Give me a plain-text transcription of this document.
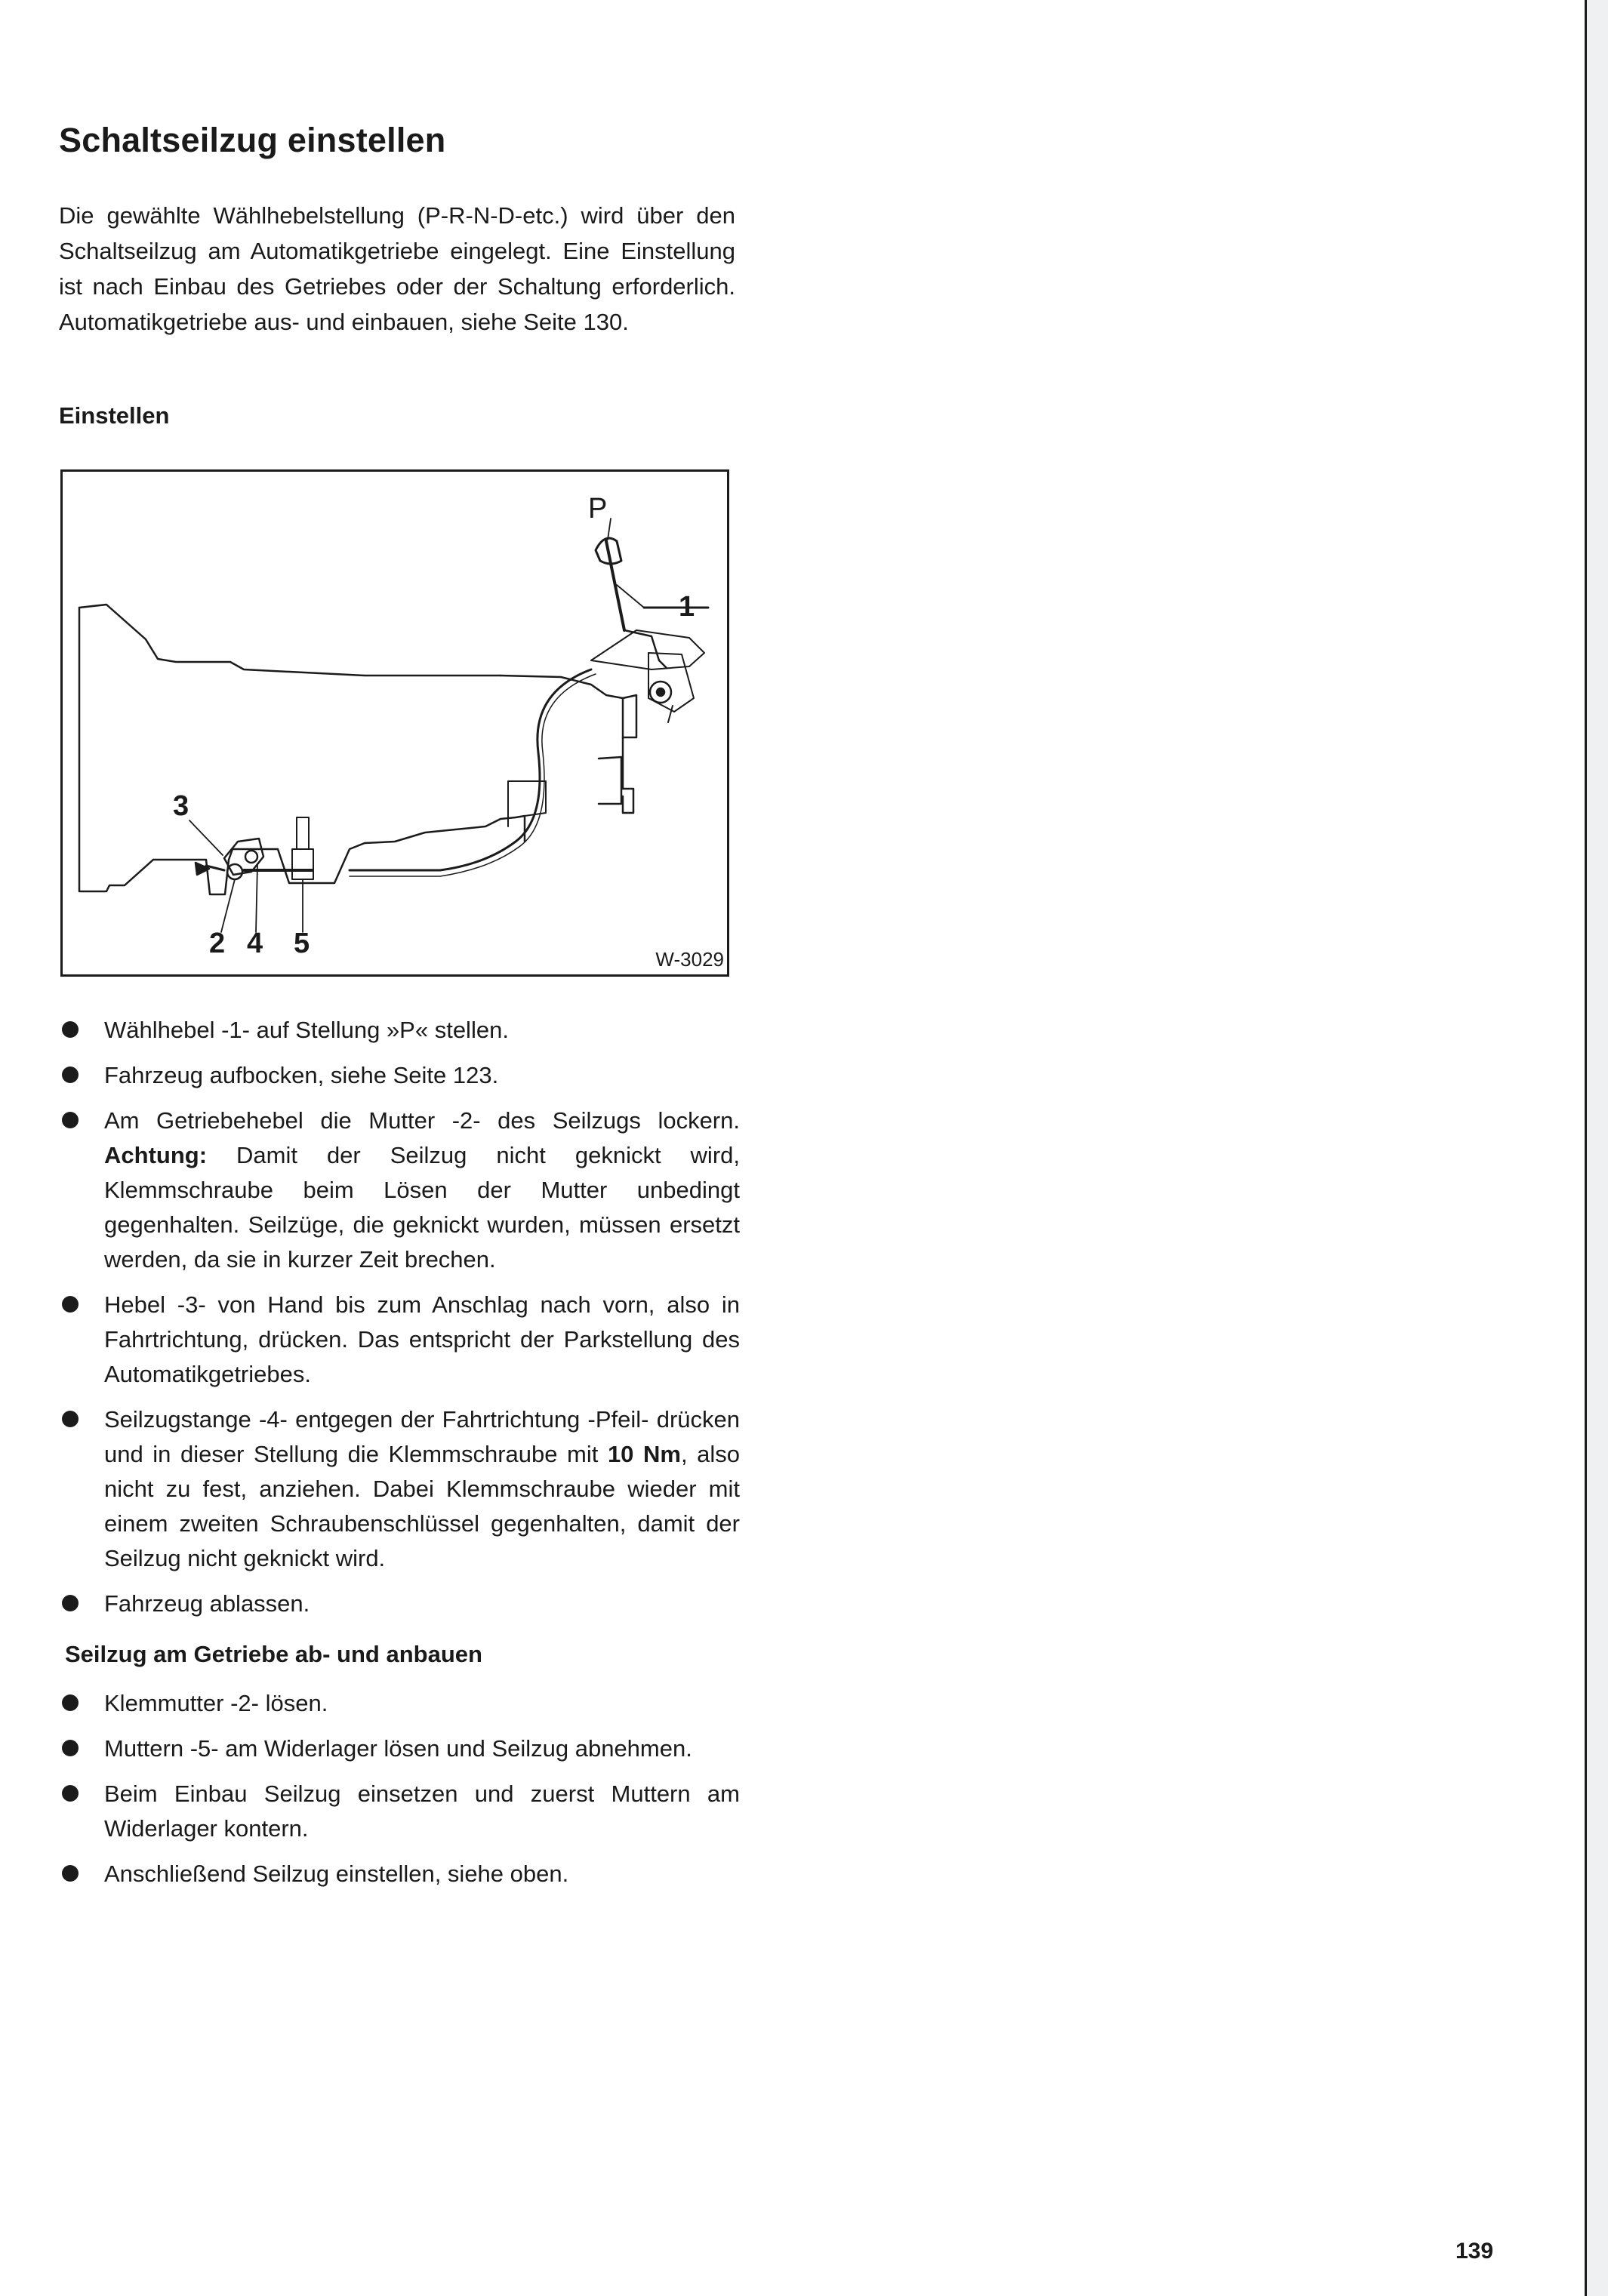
Schaltseilzug einstellen

Die gewählte Wählhebelstellung (P-R-N-D-etc.) wird über den Schaltseilzug am Automatikgetriebe eingelegt. Eine Einstellung ist nach Einbau des Getriebes oder der Schaltung erforderlich. Automatikgetriebe aus- und einbauen, siehe Seite 130.

Einstellen
P
1
3
2 4 5	W-3029
Wählhebel -1- auf Stellung »P« stellen.
Fahrzeug aufbocken, siehe Seite 123.
Am Getriebehebel die Mutter -2- des Seilzugs lockern. Achtung: Damit der Seilzug nicht geknickt wird, Klemmschraube beim Lösen der Mutter unbedingt gegenhalten. Seilzüge, die geknickt wurden, müssen ersetzt werden, da sie in kurzer Zeit brechen.
Hebel -3- von Hand bis zum Anschlag nach vorn, also in Fahrtrichtung, drücken. Das entspricht der Parkstellung des Automatikgetriebes.
Seilzugstange -4- entgegen der Fahrtrichtung -Pfeil- drücken und in dieser Stellung die Klemmschraube mit 10 Nm, also nicht zu fest, anziehen. Dabei Klemmschraube wieder mit einem zweiten Schraubenschlüssel gegenhalten, damit der Seilzug nicht geknickt wird.
Fahrzeug ablassen.
Seilzug am Getriebe ab- und anbauen
Klemmutter -2- lösen.
Muttern -5- am Widerlager lösen und Seilzug abnehmen.
Beim Einbau Seilzug einsetzen und zuerst Muttern am Widerlager kontern.
Anschließend Seilzug einstellen, siehe oben.
139
